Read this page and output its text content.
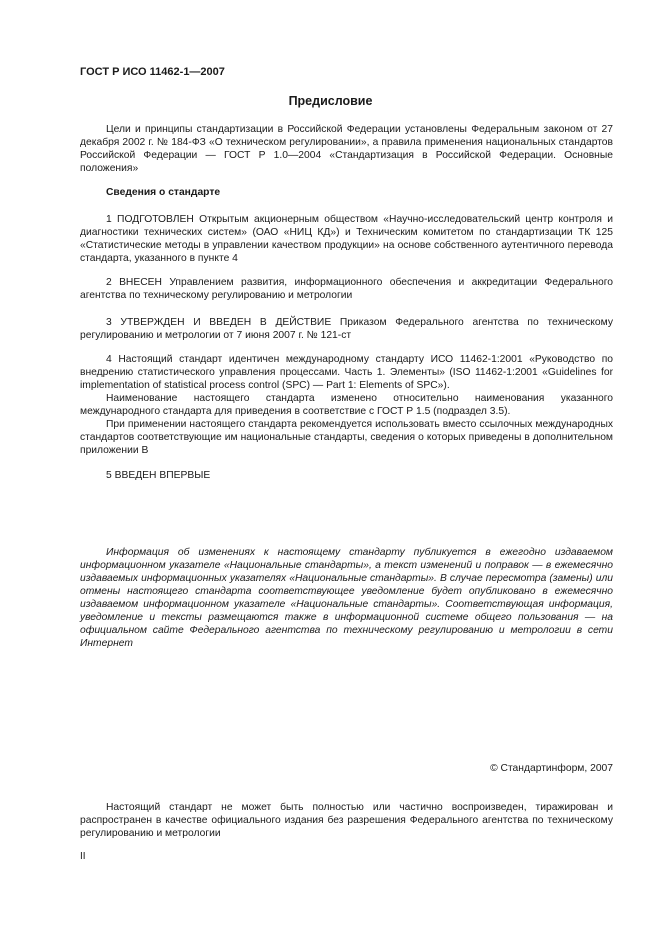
ГОСТ Р ИСО 11462-1—2007
Предисловие

Цели и принципы стандартизации в Российской Федерации установлены Федеральным законом от 27 декабря 2002 г. № 184-ФЗ «О техническом регулировании», а правила применения национальных стандартов Российской Федерации — ГОСТ Р 1.0—2004 «Стандартизация в Российской Федерации. Основные положения»

Сведения о стандарте

1 ПОДГОТОВЛЕН Открытым акционерным обществом «Научно-исследовательский центр контроля и диагностики технических систем» (ОАО «НИЦ КД») и Техническим комитетом по стандартизации ТК 125 «Статистические методы в управлении качеством продукции» на основе собственного аутентичного перевода стандарта, указанного в пункте 4

2 ВНЕСЕН Управлением развития, информационного обеспечения и аккредитации Федерального агентства по техническому регулированию и метрологии

3 УТВЕРЖДЕН И ВВЕДЕН В ДЕЙСТВИЕ Приказом Федерального агентства по техническому регулированию и метрологии от 7 июня 2007 г. № 121-ст

4 Настоящий стандарт идентичен международному стандарту ИСО 11462-1:2001 «Руководство по внедрению статистического управления процессами. Часть 1. Элементы» (ISO 11462-1:2001 «Guidelines for implementation of statistical process control (SPC) — Part 1: Elements of SPC»).

Наименование настоящего стандарта изменено относительно наименования указанного международного стандарта для приведения в соответствие с ГОСТ Р 1.5 (подраздел 3.5).

При применении настоящего стандарта рекомендуется использовать вместо ссылочных международных стандартов соответствующие им национальные стандарты, сведения о которых приведены в дополнительном приложении В

5 ВВЕДЕН ВПЕРВЫЕ

Информация об изменениях к настоящему стандарту публикуется в ежегодно издаваемом информационном указателе «Национальные стандарты», а текст изменений и поправок — в ежемесячно издаваемых информационных указателях «Национальные стандарты». В случае пересмотра (замены) или отмены настоящего стандарта соответствующее уведомление будет опубликовано в ежемесячно издаваемом информационном указателе «Национальные стандарты». Соответствующая информация, уведомление и тексты размещаются также в информационной системе общего пользования — на официальном сайте Федерального агентства по техническому регулированию и метрологии в сети Интернет

© Стандартинформ, 2007

Настоящий стандарт не может быть полностью или частично воспроизведен, тиражирован и распространен в качестве официального издания без разрешения Федерального агентства по техническому регулированию и метрологии

II
